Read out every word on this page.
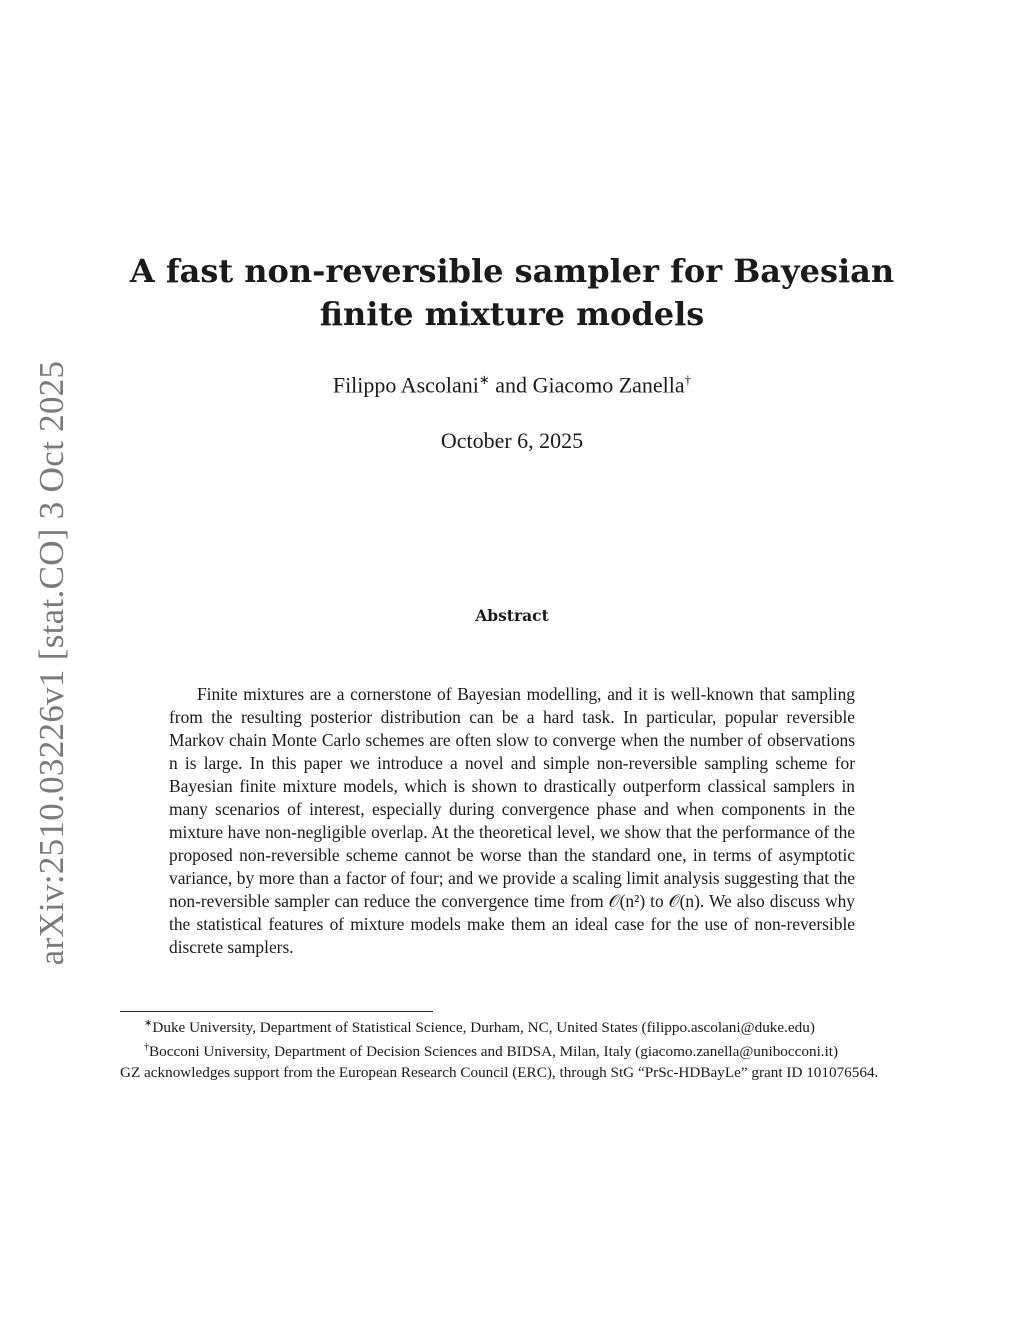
arXiv:2510.03226v1 [stat.CO] 3 Oct 2025
A fast non-reversible sampler for Bayesian
finite mixture models
Filippo Ascolani∗ and Giacomo Zanella†
October 6, 2025
Abstract

Finite mixtures are a cornerstone of Bayesian modelling, and it is well-known that sampling from the resulting posterior distribution can be a hard task. In particular, popular reversible Markov chain Monte Carlo schemes are often slow to converge when the number of observations n is large. In this paper we introduce a novel and simple non-reversible sampling scheme for Bayesian finite mixture models, which is shown to drastically outperform classical samplers in many scenarios of interest, especially during convergence phase and when components in the mixture have non-negligible overlap. At the theoretical level, we show that the performance of the proposed non-reversible scheme cannot be worse than the standard one, in terms of asymptotic variance, by more than a factor of four; and we provide a scaling limit analysis suggesting that the non-reversible sampler can reduce the convergence time from 𝒪(n²) to 𝒪(n). We also discuss why the statistical features of mixture models make them an ideal case for the use of non-reversible discrete samplers.

∗Duke University, Department of Statistical Science, Durham, NC, United States (filippo.ascolani@duke.edu)

†Bocconi University, Department of Decision Sciences and BIDSA, Milan, Italy (giacomo.zanella@unibocconi.it)

GZ acknowledges support from the European Research Council (ERC), through StG “PrSc-HDBayLe” grant ID 101076564.
